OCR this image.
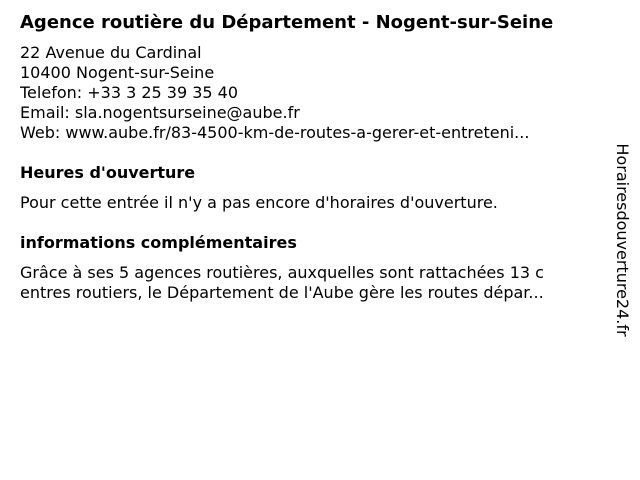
Agence routière du Département - Nogent-sur-Seine
22 Avenue du Cardinal
10400 Nogent-sur-Seine
Telefon: +33 3 25 39 35 40
Email: sla.nogentsurseine@aube.fr
Web: www.aube.fr/83-4500-km-de-routes-a-gerer-et-entreteni...
Heures d'ouverture
Pour cette entrée il n'y a pas encore d'horaires d'ouverture.
informations complémentaires
Grâce à ses 5 agences routières, auxquelles sont rattachées 13 c
entres routiers, le Département de l'Aube gère les routes dépar...	Horairesdouverture24.fr
